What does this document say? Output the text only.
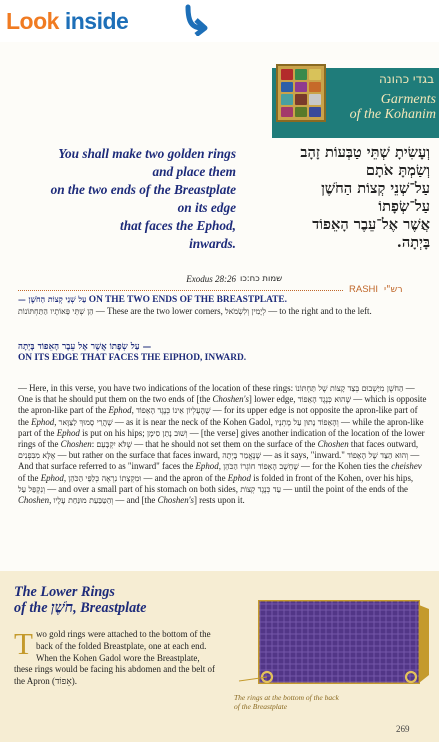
Look inside
בגדי כהונה
Garments
of the Kohanim
You shall make two golden rings
and place them
on the two ends of the Breastplate
on its edge
that faces the Ephod,
inwards.
וְעָשִׂיתָ שְׁתֵּי טַבְּעוֹת זָהָב
וְשַׂמְתָּ אֹתָם
עַל־שְׁנֵי קְצוֹת הַחֹשֶׁן
עַל־שְׂפָתוֹ
אֲשֶׁר אֶל־עֵבֶר הָאֵפוֹד
בָּיְתָה.
Exodus 28:26 שמות כח:כו
RASHI רש"י
עַל שְׁנֵי קְצוֹת הַחֹשֶׁן — ON THE TWO ENDS OF THE BREASTPLATE.
הֵן שְׁתֵּי פֵּאוֹתָיו הַתַּחְתּוֹנוֹת — These are the two lower corners, לְיָמִין וְלִשְׂמֹאל — to the right and to the left.
עַל שְׂפָתוֹ אֲשֶׁר אֶל עֵבֶר הָאֵפוֹד בָּיְתָה —
ON ITS EDGE THAT FACES THE EIPHOD, INWARD.
— Here, in this verse, you have two indications of the location of these rings: הַחֹשֶׁן מִיַּשְׁבוּם בְּצַד קָצוֹת שֶׁל תַּחְתּוֹנוֹ — One is that he should put them on the two ends of [the Choshen's] lower edge, שֶׁהוּא כְּנֶגֶד הָאֵפוֹד — which is opposite the apron-like part of the Ephod, שֶׁהָעֶלְיוֹן אֵינוֹ כְּנֶגֶד הָאֵפוֹד — for its upper edge is not opposite the apron-like part of the Ephod, שֶׁהֲרֵי סָמוּךְ לַצַּוָּאר — as it is near the neck of the Kohen Gadol, וְהָאֵפוֹד נָתוּן עַל מָתְנָיו — while the apron-like part of the Ephod is put on his hips; וְשׁוּב נָתַן סִימָן — [the verse] gives another indication of the location of the lower rings of the Choshen: שֶׁלֹּא יִקְבָּעֵם — that he should not set them on the surface of the Choshen that faces outward, אֶלָּא מִבִּפְנִים — but rather on the surface that faces inward, שֶׁנֶּאֱמַר בָּיְתָה — as it says, "inward." וְהוּא הַצַּד שֶׁל הָאֵפוֹד — And that surface referred to as "inward" faces the Ephod, שֶׁחֵשֶׁב הָאֵפוֹד חוֹגְרוֹ הַכֹּהֵן — for the Kohen ties the cheishev of the Ephod, וּמִקְצָתוֹ נִרְאֶה כְּלַפֵּי הַכֹּהֵן — and the apron of the Ephod is folded in front of the Kohen, over his hips, וְנִקְפַּל עַל — and over a small part of his stomach on both sides, עַד כְּנֶגֶד קְצוֹת — until the point of the ends of the Choshen, וְהַטַּבַּעַת מוּנַּחַת עָלָיו — and [the Choshen's] rests upon it.
The Lower Rings
of the חֹשֶׁן, Breastplate
Two gold rings were attached to the bottom of the back of the folded Breastplate, one at each end. When the Kohen Gadol wore the Breastplate, these rings would be facing his abdomen and the belt of the Apron (אֵפוֹד).
The rings at the bottom of the back of the Breastplate
269
